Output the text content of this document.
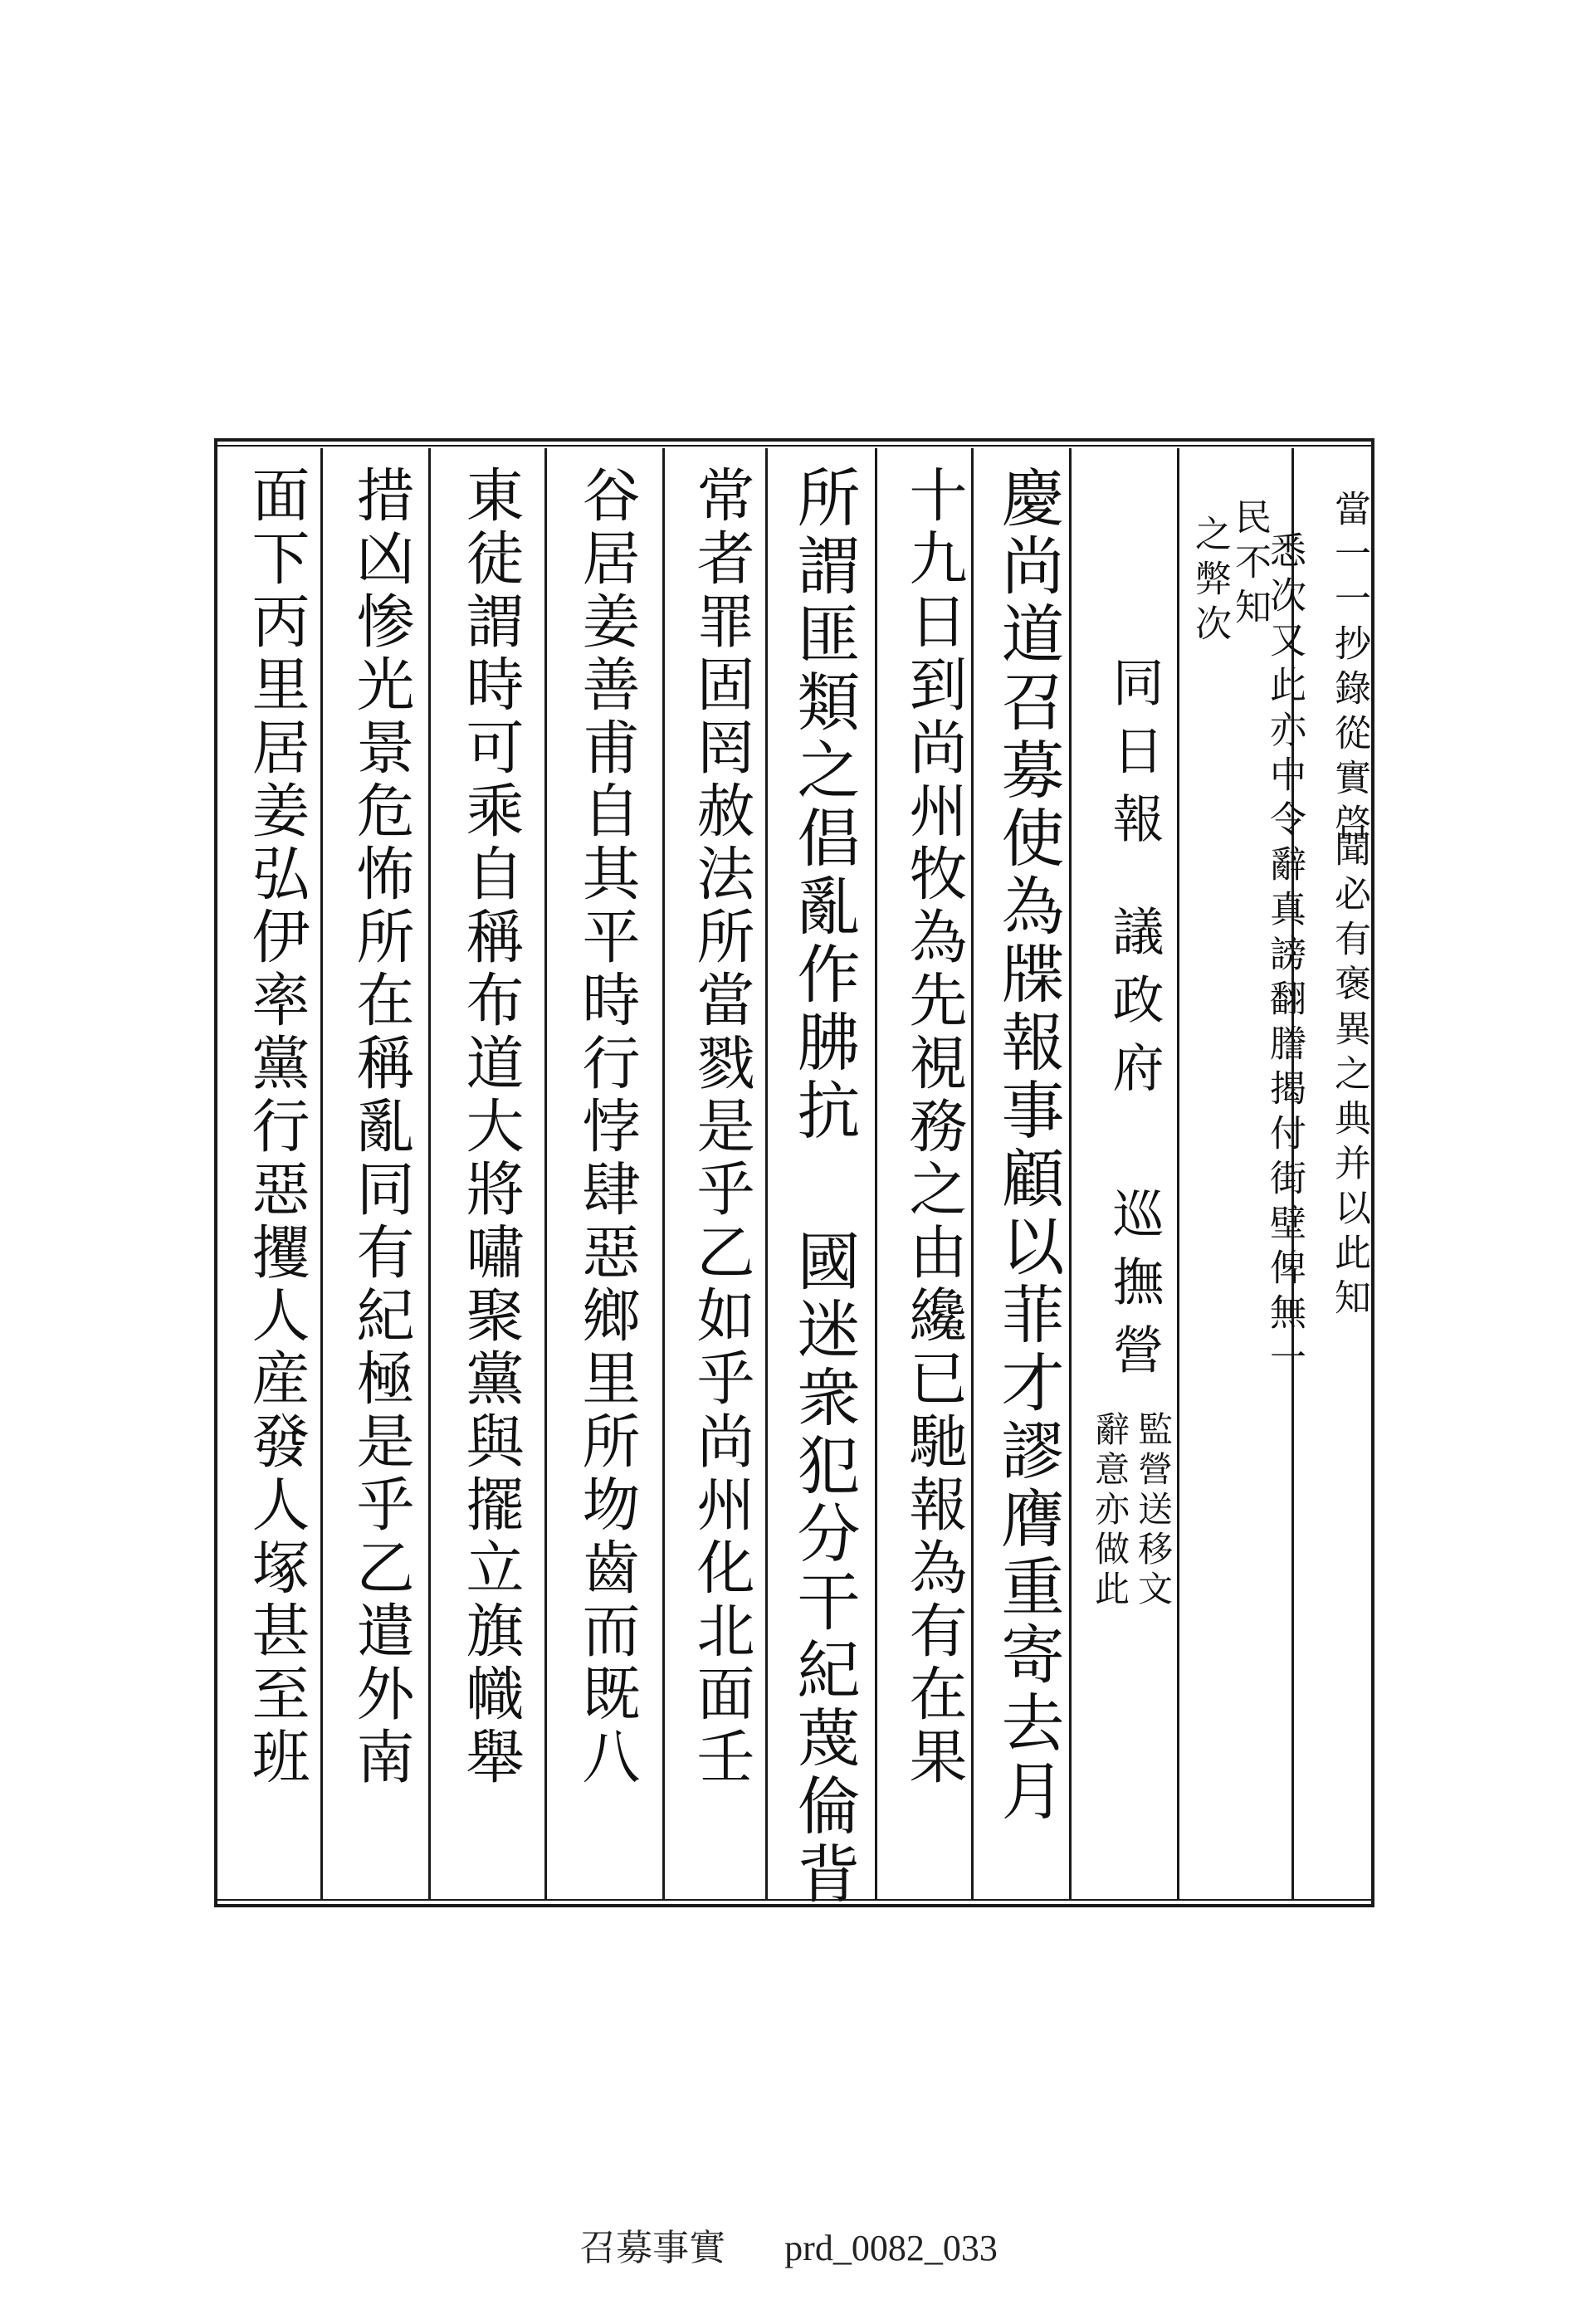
當一一抄錄從實啓
聞必有褒異之典并以此知
悉次又此亦中令辭真謗翻謄揭付街壁俾無一
民不知
之弊次
同日報
議政府
巡撫營
監營送移文
辭意亦做此
慶尚道召募使為牒報事顧以菲才謬膺重寄去月
十九日到尚州牧為先視務之由纔已馳報為有在果
所謂匪類之倡亂作胇抗
國迷衆犯分干紀蔑倫背
常者罪固罔赦法所當戮是乎乙如乎尚州化北面壬
谷居姜善甫自其平時行悖肆惡鄉里所圽齒而既八
東徒謂時可乘自稱布道大將嘯聚黨與擺立旗幟舉
措凶惨光景危怖所在稱亂同有紀極是乎乙遣外南
面下丙里居姜弘伊率黨行惡攫人産發人塚甚至班
召募事實 prd_0082_033
